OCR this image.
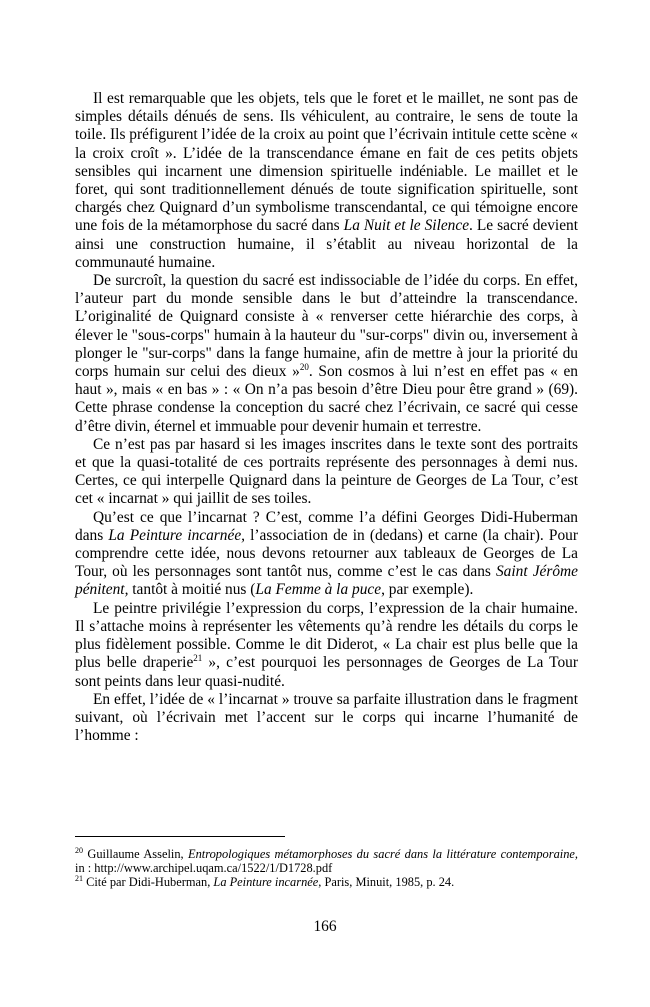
Il est remarquable que les objets, tels que le foret et le maillet, ne sont pas de simples détails dénués de sens. Ils véhiculent, au contraire, le sens de toute la toile. Ils préfigurent l’idée de la croix au point que l’écrivain intitule cette scène « la croix croît ». L’idée de la transcendance émane en fait de ces petits objets sensibles qui incarnent une dimension spirituelle indéniable. Le maillet et le foret, qui sont traditionnellement dénués de toute signification spirituelle, sont chargés chez Quignard d’un symbolisme transcendantal, ce qui témoigne encore une fois de la métamorphose du sacré dans La Nuit et le Silence. Le sacré devient ainsi une construction humaine, il s’établit au niveau horizontal de la communauté humaine.

De surcroît, la question du sacré est indissociable de l’idée du corps. En effet, l’auteur part du monde sensible dans le but d’atteindre la transcendance. L’originalité de Quignard consiste à « renverser cette hiérarchie des corps, à élever le "sous-corps" humain à la hauteur du "sur-corps" divin ou, inversement à plonger le "sur-corps" dans la fange humaine, afin de mettre à jour la priorité du corps humain sur celui des dieux »$^{20}$. Son cosmos à lui n’est en effet pas « en haut », mais « en bas » : « On n’a pas besoin d’être Dieu pour être grand » (69). Cette phrase condense la conception du sacré chez l’écrivain, ce sacré qui cesse d’être divin, éternel et immuable pour devenir humain et terrestre.

Ce n’est pas par hasard si les images inscrites dans le texte sont des portraits et que la quasi-totalité de ces portraits représente des personnages à demi nus. Certes, ce qui interpelle Quignard dans la peinture de Georges de La Tour, c’est cet « incarnat » qui jaillit de ses toiles.

Qu’est ce que l’incarnat ? C’est, comme l’a défini Georges Didi-Huberman dans La Peinture incarnée, l’association de in (dedans) et carne (la chair). Pour comprendre cette idée, nous devons retourner aux tableaux de Georges de La Tour, où les personnages sont tantôt nus, comme c’est le cas dans Saint Jérôme pénitent, tantôt à moitié nus (La Femme à la puce, par exemple).

Le peintre privilégie l’expression du corps, l’expression de la chair humaine. Il s’attache moins à représenter les vêtements qu’à rendre les détails du corps le plus fidèlement possible. Comme le dit Diderot, « La chair est plus belle que la plus belle draperie$^{21}$ », c’est pourquoi les personnages de Georges de La Tour sont peints dans leur quasi-nudité.

En effet, l’idée de « l’incarnat » trouve sa parfaite illustration dans le fragment suivant, où l’écrivain met l’accent sur le corps qui incarne l’humanité de l’homme :

$^{20}$ Guillaume Asselin, Entropologiques métamorphoses du sacré dans la littérature contemporaine, in : http://www.archipel.uqam.ca/1522/1/D1728.pdf

$^{21}$ Cité par Didi-Huberman, La Peinture incarnée, Paris, Minuit, 1985, p. 24.

166
